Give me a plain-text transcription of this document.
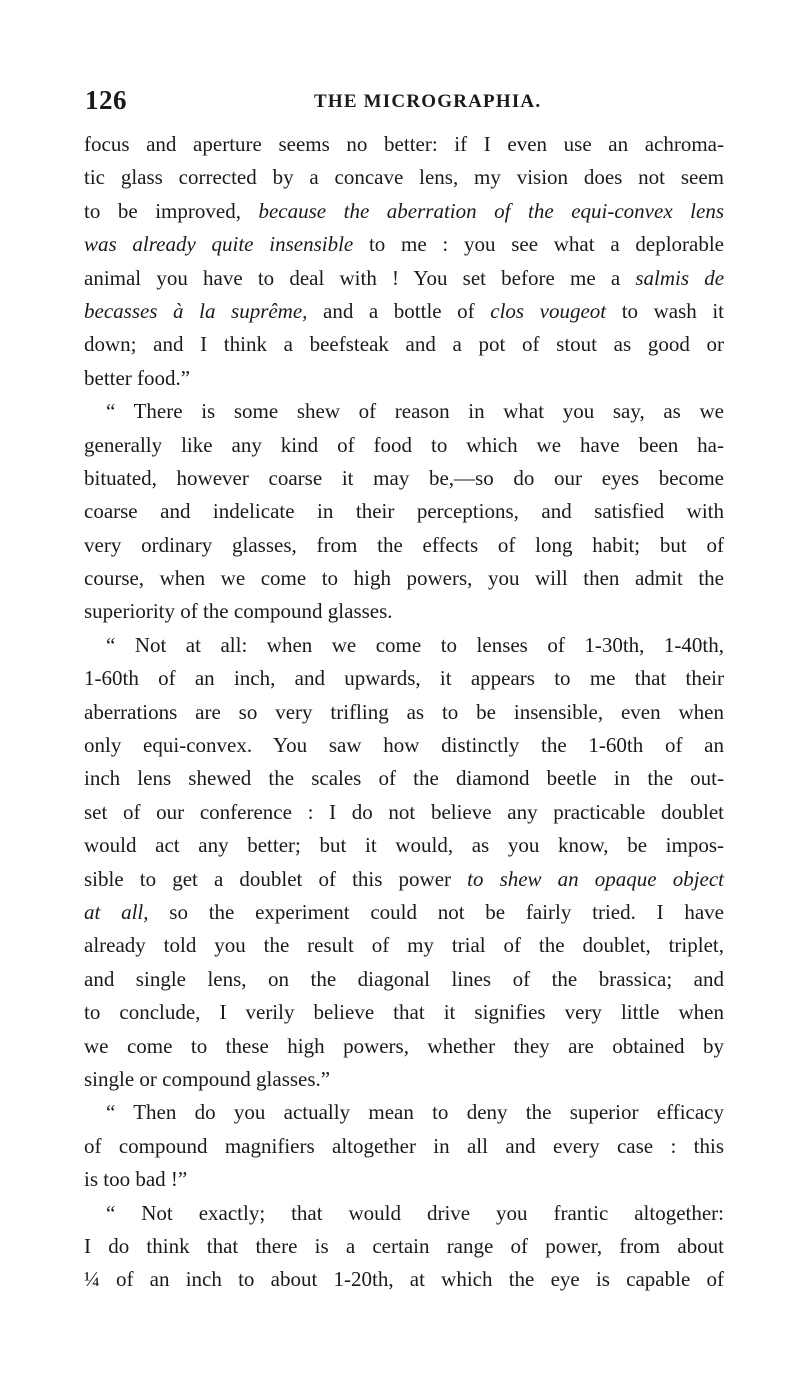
126	THE MICROGRAPHIA.
focus and aperture seems no better: if I even use an achroma-
tic glass corrected by a concave lens, my vision does not seem
to be improved, because the aberration of the equi-convex lens
was already quite insensible to me : you see what a deplorable
animal you have to deal with ! You set before me a salmis de
becasses à la suprême, and a bottle of clos vougeot to wash it
down; and I think a beefsteak and a pot of stout as good or
better food.”
“ There is some shew of reason in what you say, as we
generally like any kind of food to which we have been ha-
bituated, however coarse it may be,—so do our eyes become
coarse and indelicate in their perceptions, and satisfied with
very ordinary glasses, from the effects of long habit; but of
course, when we come to high powers, you will then admit the
superiority of the compound glasses.
“ Not at all: when we come to lenses of 1-30th, 1-40th,
1-60th of an inch, and upwards, it appears to me that their
aberrations are so very trifling as to be insensible, even when
only equi-convex. You saw how distinctly the 1-60th of an
inch lens shewed the scales of the diamond beetle in the out-
set of our conference : I do not believe any practicable doublet
would act any better; but it would, as you know, be impos-
sible to get a doublet of this power to shew an opaque object
at all, so the experiment could not be fairly tried. I have
already told you the result of my trial of the doublet, triplet,
and single lens, on the diagonal lines of the brassica; and
to conclude, I verily believe that it signifies very little when
we come to these high powers, whether they are obtained by
single or compound glasses.”
“ Then do you actually mean to deny the superior efficacy
of compound magnifiers altogether in all and every case : this
is too bad !”
“ Not exactly; that would drive you frantic altogether:
I do think that there is a certain range of power, from about
¼ of an inch to about 1-20th, at which the eye is capable of
